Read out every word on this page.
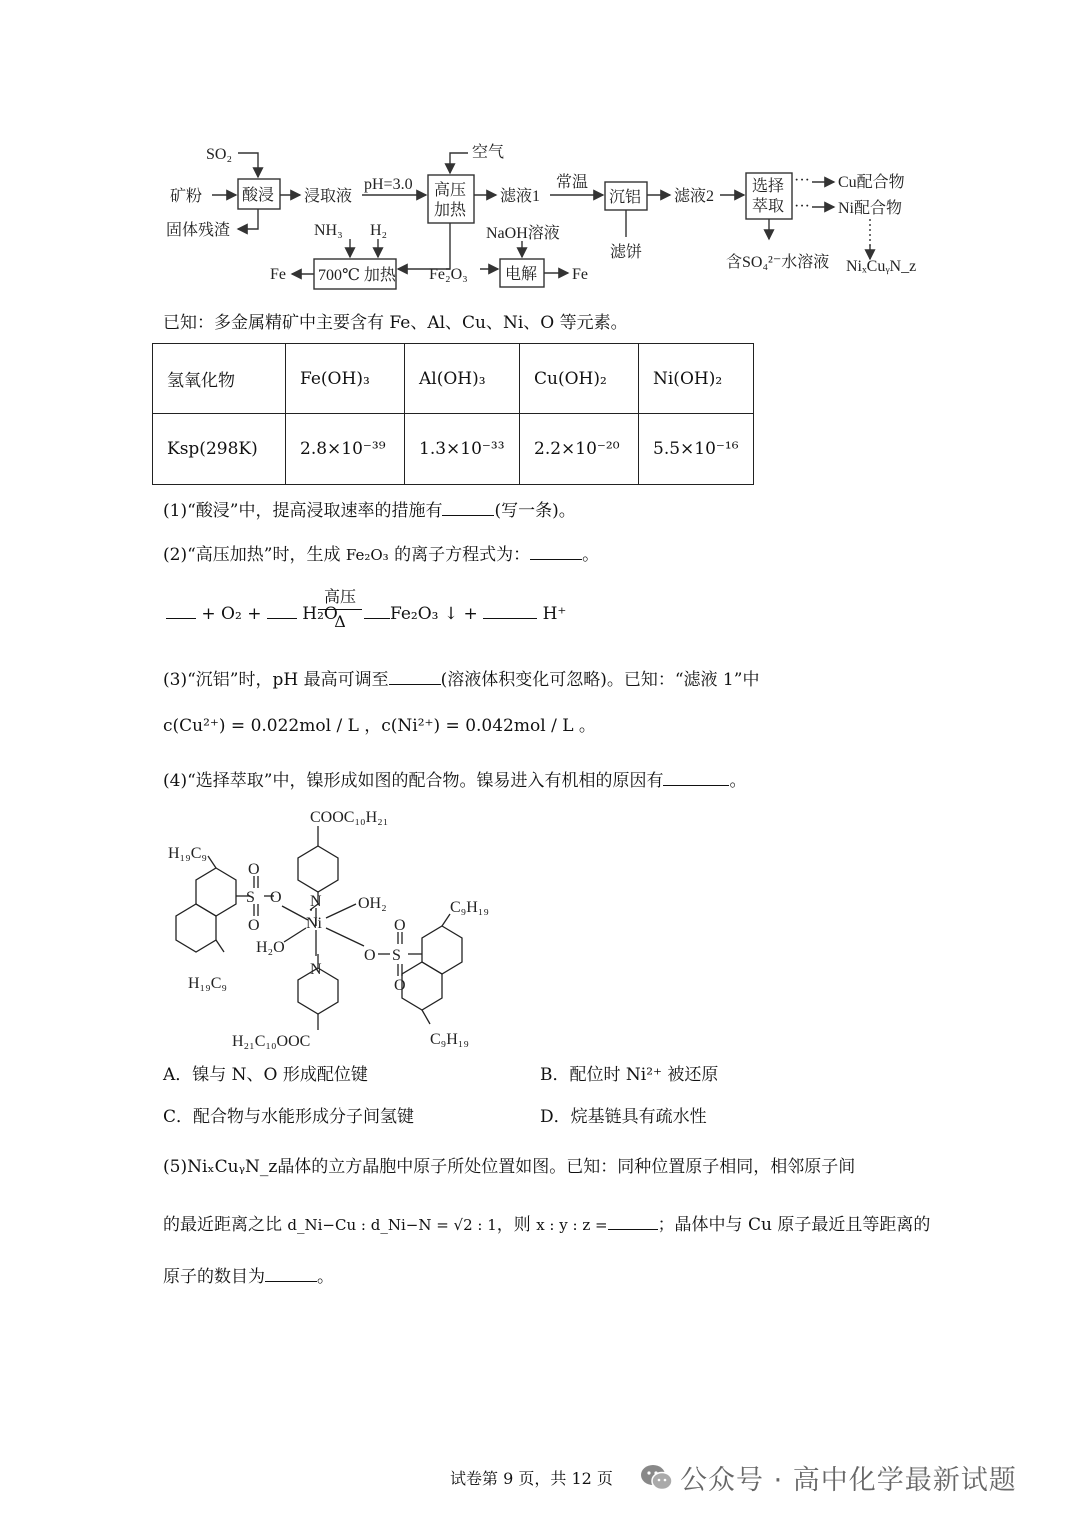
SO₂
矿粉 酸浸
固体残渣
浸取液
pH=3.0
空气
高压
加热
滤液1
常温
沉铝
滤饼
滤液2
选择
萃取
···
···
Cu配合物
Ni配合物
含SO₄²⁻水溶液 NiₓCuᵧN_z
NH₃ H₂
700℃ 加热
Fe	Fe₂O₃
NaOH溶液
电解 Fe
已知：多金属精矿中主要含有 Fe、Al、Cu、Ni、O 等元素。
氢氧化物	Fe(OH)₃	Al(OH)₃	Cu(OH)₂	Ni(OH)₂
Ksp(298K)	2.8×10⁻³⁹	1.3×10⁻³³	2.2×10⁻²⁰	5.5×10⁻¹⁶
(1)“酸浸”中，提高浸取速率的措施有	(写一条)。
(2)“高压加热”时，生成 Fe₂O₃ 的离子方程式为：	。
+ O₂ + H₂O
高压
Δ	Fe₂O₃ ↓ +	H⁺
(3)“沉铝”时，pH 最高可调至	(溶液体积变化可忽略)。已知：“滤液 1”中
c(Cu²⁺) = 0.022mol / L ，c(Ni²⁺) = 0.042mol / L 。
(4)“选择萃取”中，镍形成如图的配合物。镍易进入有机相的原因有	。
COOC₁₀H₂₁
N
Ni
OH₂
H₂O
N
H₂₁C₁₀OOC
H₁₉C₉
H₁₉C₉
S
O
O
O
S
O
O
O
C₉H₁₉
C₉H₁₉
A．镍与 N、O 形成配位键	B．配位时 Ni²⁺ 被还原
C．配合物与水能形成分子间氢键	D．烷基链具有疏水性
(5)NiₓCuᵧN_z晶体的立方晶胞中原子所处位置如图。已知：同种位置原子相同，相邻原子间
的最近距离之比 d_Ni−Cu : d_Ni−N = √2 : 1，则 x : y : z =	；晶体中与 Cu 原子最近且等距离的
原子的数目为	。
试卷第 9 页，共 12 页 公众号 · 高中化学最新试题
